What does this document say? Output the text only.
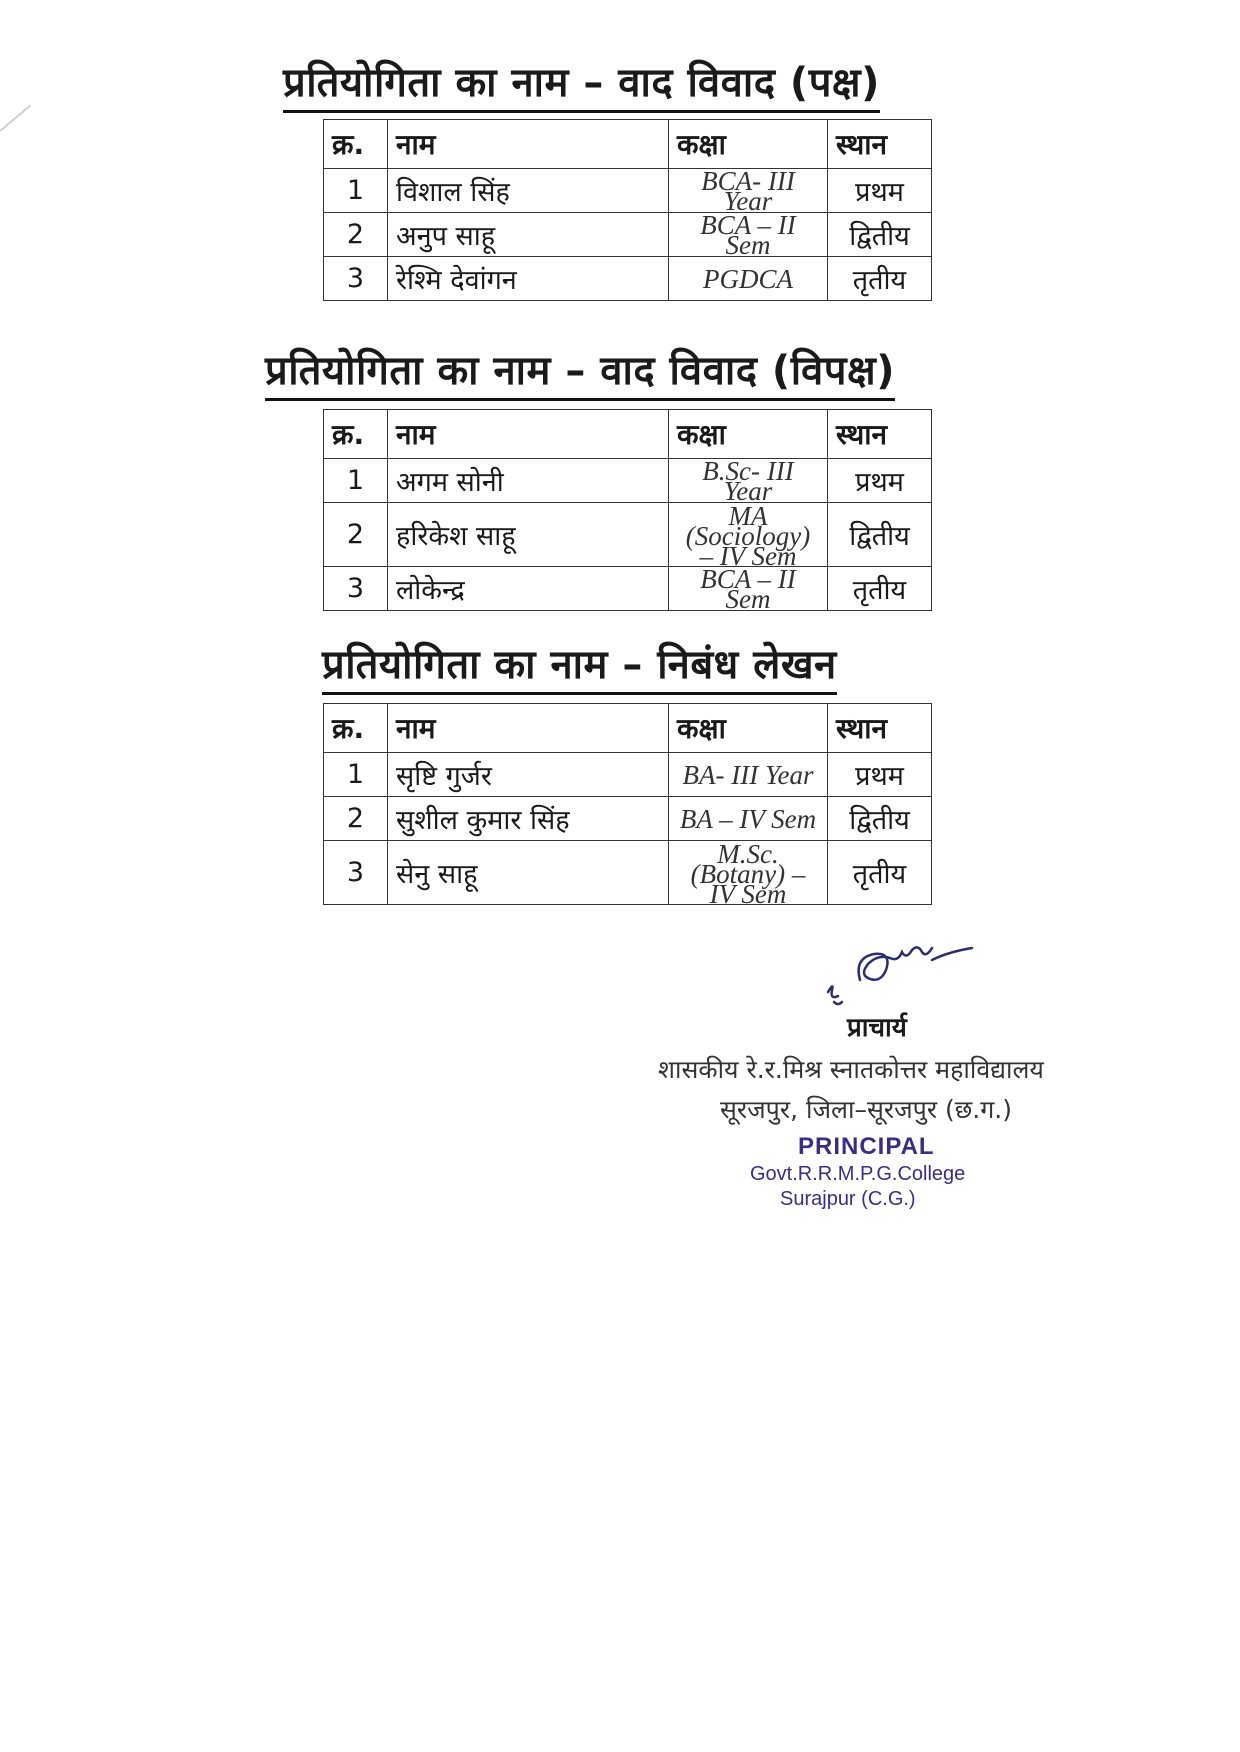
प्रतियोगिता का नाम – वाद विवाद (पक्ष)
क्र.	नाम	कक्षा	स्थान
1	विशाल सिंह	BCA- III Year	प्रथम
2	अनुप साहू	BCA – II Sem	द्वितीय
3	रेश्मि देवांगन	PGDCA	तृतीय
प्रतियोगिता का नाम – वाद विवाद (विपक्ष)
क्र.	नाम	कक्षा	स्थान
1	अगम सोनी	B.Sc- III Year	प्रथम
2	हरिकेश साहू	MA (Sociology) – IV Sem	द्वितीय
3	लोकेन्द्र	BCA – II Sem	तृतीय
प्रतियोगिता का नाम – निबंध लेखन
क्र.	नाम	कक्षा	स्थान
1	सृष्टि गुर्जर	BA- III Year	प्रथम
2	सुशील कुमार सिंह	BA – IV Sem	द्वितीय
3	सेनु साहू	M.Sc. (Botany) – IV Sem	तृतीय
प्राचार्य
शासकीय रे.र.मिश्र स्नातकोत्तर महाविद्यालय
सूरजपुर, जिला–सूरजपुर (छ.ग.)
PRINCIPAL
Govt.R.R.M.P.G.College
Surajpur (C.G.)
